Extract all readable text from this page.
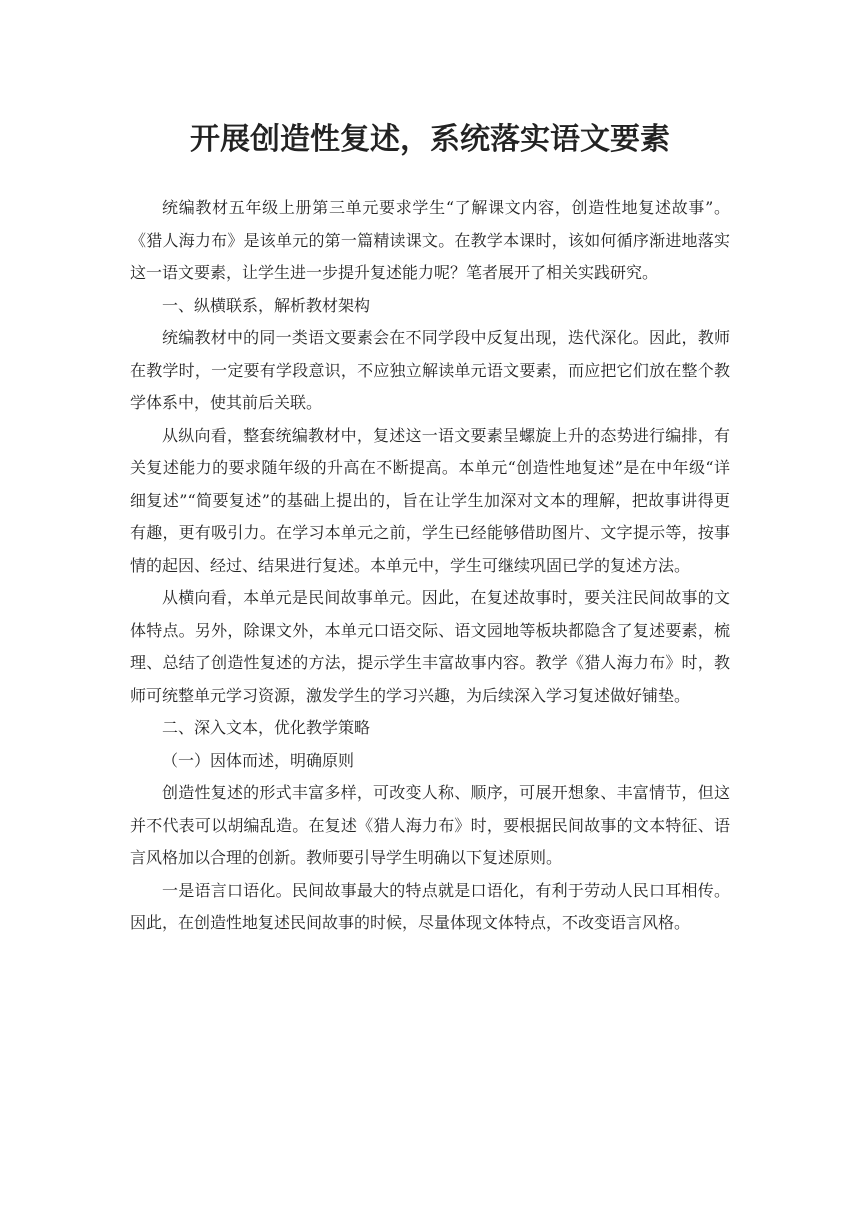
开展创造性复述，系统落实语文要素

统编教材五年级上册第三单元要求学生“了解课文内容，创造性地复述故事”。《猎人海力布》是该单元的第一篇精读课文。在教学本课时，该如何循序渐进地落实这一语文要素，让学生进一步提升复述能力呢？笔者展开了相关实践研究。

一、纵横联系，解析教材架构

统编教材中的同一类语文要素会在不同学段中反复出现，迭代深化。因此，教师在教学时，一定要有学段意识，不应独立解读单元语文要素，而应把它们放在整个教学体系中，使其前后关联。

从纵向看，整套统编教材中，复述这一语文要素呈螺旋上升的态势进行编排，有关复述能力的要求随年级的升高在不断提高。本单元“创造性地复述”是在中年级“详细复述”“简要复述”的基础上提出的，旨在让学生加深对文本的理解，把故事讲得更有趣，更有吸引力。在学习本单元之前，学生已经能够借助图片、文字提示等，按事情的起因、经过、结果进行复述。本单元中，学生可继续巩固已学的复述方法。

从横向看，本单元是民间故事单元。因此，在复述故事时，要关注民间故事的文体特点。另外，除课文外，本单元口语交际、语文园地等板块都隐含了复述要素，梳理、总结了创造性复述的方法，提示学生丰富故事内容。教学《猎人海力布》时，教师可统整单元学习资源，激发学生的学习兴趣，为后续深入学习复述做好铺垫。

二、深入文本，优化教学策略

（一）因体而述，明确原则

创造性复述的形式丰富多样，可改变人称、顺序，可展开想象、丰富情节，但这并不代表可以胡编乱造。在复述《猎人海力布》时，要根据民间故事的文本特征、语言风格加以合理的创新。教师要引导学生明确以下复述原则。

一是语言口语化。民间故事最大的特点就是口语化，有利于劳动人民口耳相传。因此，在创造性地复述民间故事的时候，尽量体现文体特点，不改变语言风格。
